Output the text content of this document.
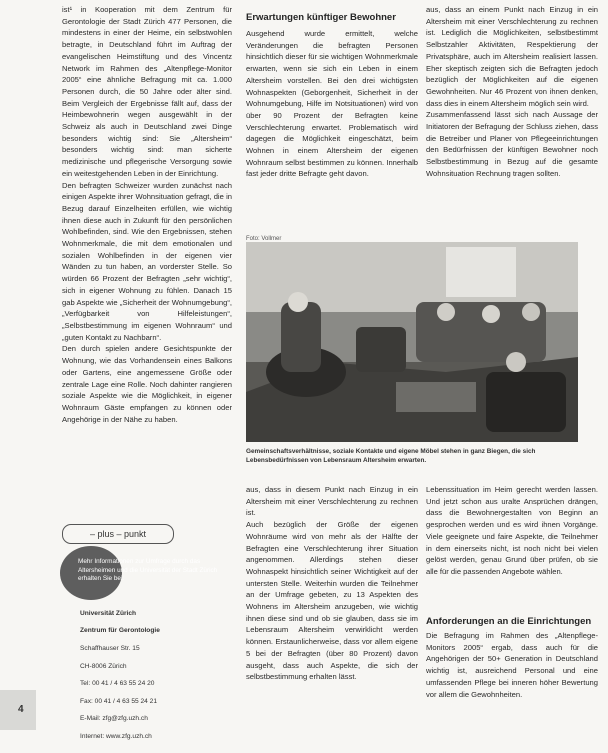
ist¹ in Kooperation mit dem Zentrum für Gerontologie der Stadt Zürich 477 Personen, die mindestens in einer der Heime, ein selbstwohlen betragte, in Deutschland führt im Auftrag der evangelischen Heimstiftung und des Vincentz Network im Rahmen des „Altenpflege-Monitor 2005“ eine ähnliche Befragung mit ca. 1.000 Personen durch, die 50 Jahre oder älter sind. Beim Vergleich der Ergebnisse fällt auf, dass der Heimbewohnerin wegen ausgewählt in der Schweiz als auch in Deutschland zwei Dinge besonders wichtig sind: Sie „Altersheim“ besonders wichtig sind: man sicherte medizinische und pflegerische Versorgung sowie ein weitestgehenden Leben in der Einrichtung.
Den befragten Schweizer wurden zunächst nach einigen Aspekte ihrer Wohnsituation gefragt, die in Bezug darauf Einzelheiten erfüllen, wie wichtig ihnen diese auch in Zukunft für den persönlichen Wohlbefinden, sind. Wie den Ergebnissen, stehen Wohnmerkmale, die mit dem emotionalen und sozialen Wohlbefinden in der eigenen vier Wänden zu tun haben, an vorderster Stelle. So würden 66 Prozent der Befragten „sehr wichtig“, sich in eigener Wohnung zu fühlen. Danach 15 gab Aspekte wie „Sicherheit der Wohnumgebung“, „Verfügbarkeit von Hilfeleistungen“, „Selbstbestimmung im eigenen Wohnraum“ und „guten Kontakt zu Nachbarn“.
Den durch spielen andere Gesichtspunkte der Wohnung, wie das Vorhandensein eines Balkons oder Gartens, eine angemessene Größe oder zentrale Lage eine Rolle. Noch dahinter rangieren soziale Aspekte wie die Möglichkeit, in eigener Wohnraum Gäste empfangen zu können oder Angehörige in der Nähe zu haben.
Erwartungen künftiger Bewohner
Ausgehend wurde ermittelt, welche Veränderungen die befragten Personen hinsichtlich dieser für sie wichtigen Wohnmerkmale erwarten, wenn sie sich ein Leben in einem Altersheim vorstellen. Bei den drei wichtigsten Wohnaspekten (Geborgenheit, Sicherheit in der Wohnumgebung, Hilfe im Notsituationen) wird von über 90 Prozent der Befragten keine Verschlechterung erwartet. Problematisch wird dagegen die Möglichkeit eingeschätzt, beim Wohnen in einem Altersheim der eigenen Wohnraum selbst bestimmen zu können. Innerhalb fast jeder dritte Befragte geht davon.
aus, dass an einem Punkt nach Einzug in ein Altersheim mit einer Verschlechterung zu rechnen ist. Lediglich die Möglichkeiten, selbstbestimmt Selbstzahler Aktivitäten, Respektierung der Privatsphäre, auch im Altersheim realisiert lassen. Eher skeptisch zeigten sich die Befragten jedoch bezüglich der Möglichkeiten auf die eigenen Gewohnheiten. Nur 46 Prozent von ihnen denken, dass dies in einem Altersheim möglich sein wird.
Zusammenfassend lässt sich nach Aussage der Initiatoren der Befragung der Schluss ziehen, dass die Betreiber und Planer von Pflegeeinrichtungen den Bedürfnissen der künftigen Bewohner noch Selbstbestimmung in Bezug auf die gesamte Wohnsituation Rechnung tragen sollten.
Foto: Vollmer
Gemeinschaftsverhältnisse, soziale Kontakte und eigene Möbel stehen in ganz Biegen, die sich Lebensbedürfnissen von Lebensraum Altersheim erwarten.
aus, dass in diesem Punkt nach Einzug in ein Altersheim mit einer Verschlechterung zu rechnen ist.
Auch bezüglich der Größe der eigenen Wohnräume wird von mehr als der Hälfte der Befragten eine Verschlechterung ihrer Situation angenommen. Allerdings stehen dieser Wohnaspekt hinsichtlich seiner Wichtigkeit auf der untersten Stelle. Weiterhin wurden die Teilnehmer an der Umfrage gebeten, zu 13 Aspekten des Wohnens im Altersheim anzugeben, wie wichtig ihnen diese sind und ob sie glauben, dass sie im Lebensraum Altersheim verwirklicht werden können. Erstaunlicherweise, dass vor allem eigene 5 bei der Befragten (über 80 Prozent) davon ausgeht, dass auch Aspekte, die sich der selbstbestimmung erhalten lässt.
Lebenssituation im Heim gerecht werden lassen. Und jetzt schon aus uralte Ansprüchen drängen, dass die Bewohnergestalten von Beginn an gesprochen werden und es wird ihnen Vorgänge. Viele geeignete und faire Aspekte, die Teilnehmer in dem einerseits nicht, ist noch nicht bei vielen gelöst werden, genau Grund über prüfen, ob sie alle für die passenden Angebote wählen.
Anforderungen an die Einrichtungen
Die Befragung im Rahmen des „Altenpflege-Monitors 2005“ ergab, dass auch für die Angehörigen der 50+ Generation in Deutschland wichtig ist, ausreichend Personal und eine umfassenden Pflege bei inneren höher Bewertung vor allem die Gewohnheiten.
– plus – punkt
Mehr Informationen zur Umfrage durch das Altersheimen und die Universität der Stadt Zürich erhalten Sie bei:

Universität Zürich

Zentrum für Gerontologie

Schaffhauser Str. 15

CH-8006 Zürich

Tel: 00 41 / 4 63 55 24 20

Fax: 00 41 / 4 63 55 24 21

E-Mail: zfg@zfg.uzh.ch

Internet: www.zfg.uzh.ch

4
